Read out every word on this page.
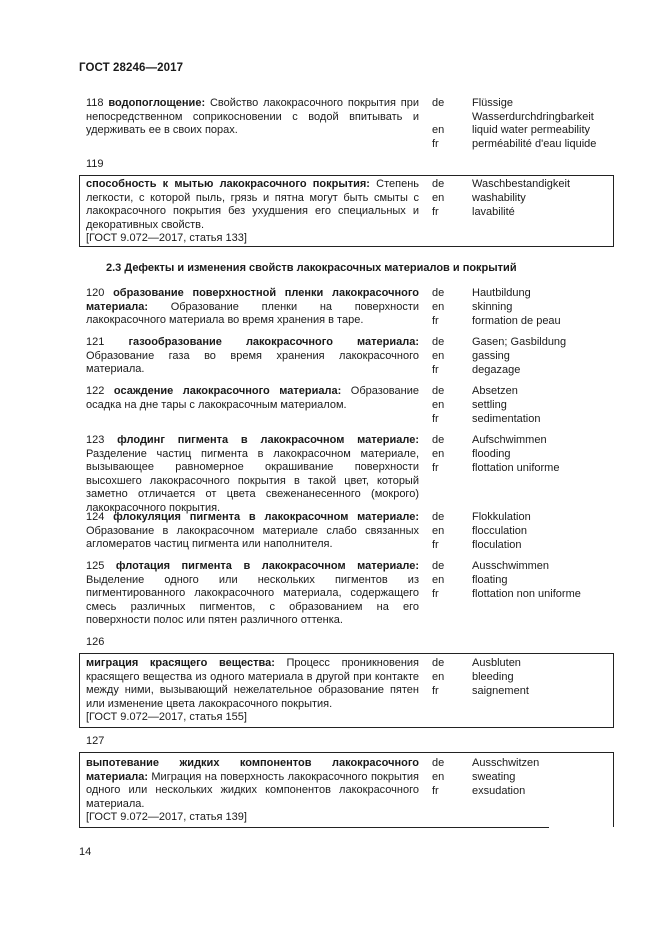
ГОСТ 28246—2017
118 водопоглощение: Свойство лакокрасочного покрытия при непосредственном соприкосновении с водой впитывать и удерживать ее в своих порах.
de
en
fr
Flüssige Wasserdurchdringbarkeit
liquid water permeability
perméabilité d'eau liquide
119
способность к мытью лакокрасочного покрытия: Степень легкости, с которой пыль, грязь и пятна могут быть смыты с лакокрасочного покрытия без ухудшения его специальных и декоративных свойств.
[ГОСТ 9.072—2017, статья 133]
de
en
fr
Waschbestandigkeit
washability
lavabilité
2.3 Дефекты и изменения свойств лакокрасочных материалов и покрытий
120 образование поверхностной пленки лакокрасочного материала: Образование пленки на поверхности лакокрасочного материала во время хранения в таре.
de
en
fr
Hautbildung
skinning
formation de peau
121 газообразование лакокрасочного материала: Образование газа во время хранения лакокрасочного материала.
de
en
fr
Gasen; Gasbildung
gassing
degazage
122 осаждение лакокрасочного материала: Образование осадка на дне тары с лакокрасочным материалом.
de
en
fr
Absetzen
settling
sedimentation
123 флодинг пигмента в лакокрасочном материале: Разделение частиц пигмента в лакокрасочном материале, вызывающее равномерное окрашивание поверхности высохшего лакокрасочного покрытия в такой цвет, который заметно отличается от цвета свеженанесенного (мокрого) лакокрасочного покрытия.
de
en
fr
Aufschwimmen
flooding
flottation uniforme
124 флокуляция пигмента в лакокрасочном материале: Образование в лакокрасочном материале слабо связанных агломератов частиц пигмента или наполнителя.
de
en
fr
Flokkulation
flocculation
floculation
125 флотация пигмента в лакокрасочном материале: Выделение одного или нескольких пигментов из пигментированного лакокрасочного материала, содержащего смесь различных пигментов, с образованием на его поверхности полос или пятен различного оттенка.
de
en
fr
Ausschwimmen
floating
flottation non uniforme
126
миграция красящего вещества: Процесс проникновения красящего вещества из одного материала в другой при контакте между ними, вызывающий нежелательное образование пятен или изменение цвета лакокрасочного покрытия.
[ГОСТ 9.072—2017, статья 155]
de
en
fr
Ausbluten
bleeding
saignement
127
выпотевание жидких компонентов лакокрасочного материала: Миграция на поверхность лакокрасочного покрытия одного или нескольких жидких компонентов лакокрасочного материала.
[ГОСТ 9.072—2017, статья 139]
de
en
fr
Ausschwitzen
sweating
exsudation
14
